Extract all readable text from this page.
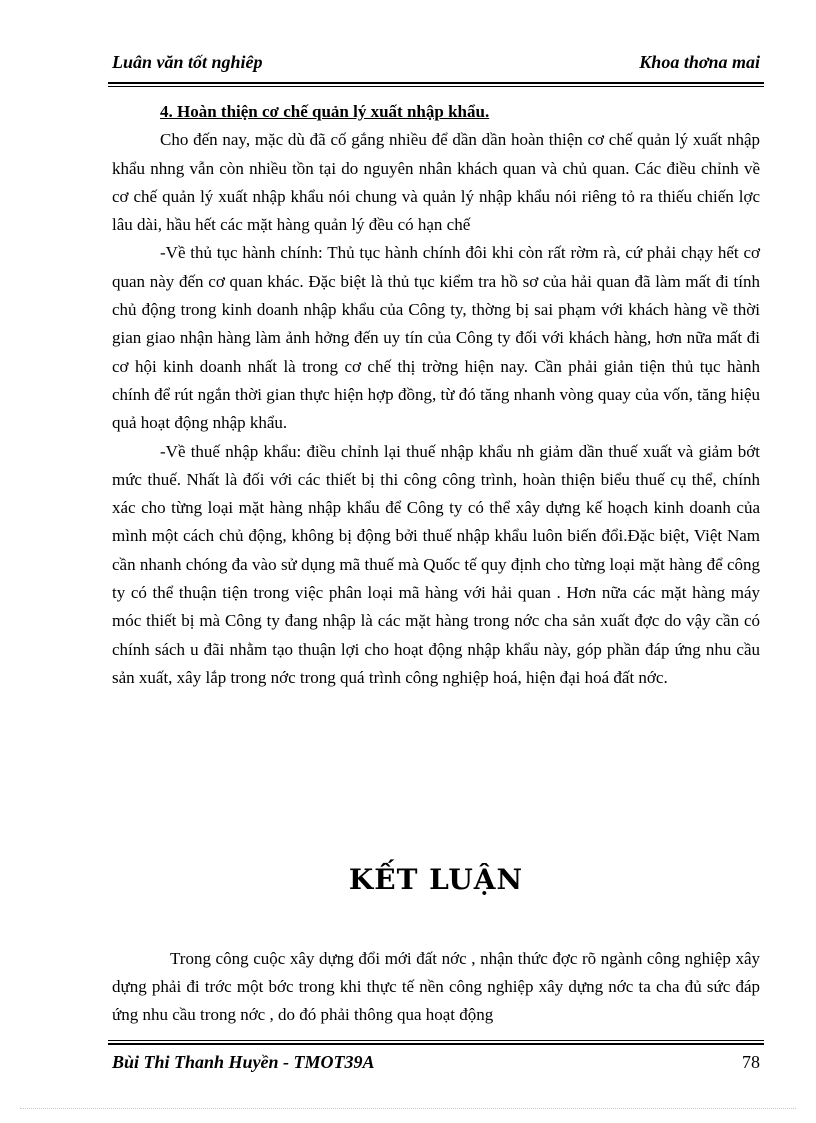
Luân văn tốt nghiêp	Khoa thơna mai

4. Hoàn thiện cơ chế quản lý xuất nhập khẩu.

Cho đến nay, mặc dù đã cố gắng nhiều để dần dần hoàn thiện cơ chế quản lý xuất nhập khẩu nhng vẫn còn nhiều tồn tại do nguyên nhân khách quan và chủ quan. Các điều chỉnh về cơ chế quản lý xuất nhập khẩu nói chung và quản lý nhập khẩu nói riêng tỏ ra thiếu chiến lợc lâu dài, hầu hết các mặt hàng quản lý đều có hạn chế

-Về thủ tục hành chính: Thủ tục hành chính đôi khi còn rất rờm rà, cứ phải chạy hết cơ quan này đến cơ quan khác. Đặc biệt là thủ tục kiểm tra hồ sơ của hải quan đã làm mất đi tính chủ động trong kinh doanh nhập khẩu của Công ty, thờng bị sai phạm với khách hàng về thời gian giao nhận hàng làm ảnh hởng đến uy tín của Công ty đối với khách hàng, hơn nữa mất đi cơ hội kinh doanh nhất là trong cơ chế thị trờng hiện nay. Cần phải giản tiện thủ tục hành chính để rút ngắn thời gian thực hiện hợp đồng, từ đó tăng nhanh vòng quay của vốn, tăng hiệu quả hoạt động nhập khẩu.

-Về thuế nhập khẩu: điều chỉnh lại thuế nhập khẩu nh giảm dần thuế xuất và giảm bớt mức thuế. Nhất là đối với các thiết bị thi công công trình, hoàn thiện biểu thuế cụ thể, chính xác cho từng loại mặt hàng nhập khẩu để Công ty có thể xây dựng kế hoạch kinh doanh của mình một cách chủ động, không bị động bởi thuế nhập khẩu luôn biến đổi.Đặc biệt, Việt Nam cần nhanh chóng đa vào sử dụng mã thuế mà Quốc tế quy định cho từng loại mặt hàng để công ty có thể thuận tiện trong việc phân loại mã hàng với hải quan . Hơn nữa các mặt hàng máy móc thiết bị mà Công ty đang nhập là các mặt hàng trong nớc cha sản xuất đợc do vậy cần có chính sách u đãi nhằm tạo thuận lợi cho hoạt động nhập khẩu này, góp phần đáp ứng nhu cầu sản xuất, xây lắp trong nớc trong quá trình công nghiệp hoá, hiện đại hoá đất nớc.

KẾT LUẬN

Trong công cuộc xây dựng đổi mới đất nớc , nhận thức đợc rõ ngành công nghiệp xây dựng phải đi trớc một bớc trong khi thực tế nền công nghiệp xây dựng nớc ta cha đủ sức đáp ứng nhu cầu trong nớc , do đó phải thông qua hoạt động

Bùi Thi Thanh Huyền - TMOT39A	78
